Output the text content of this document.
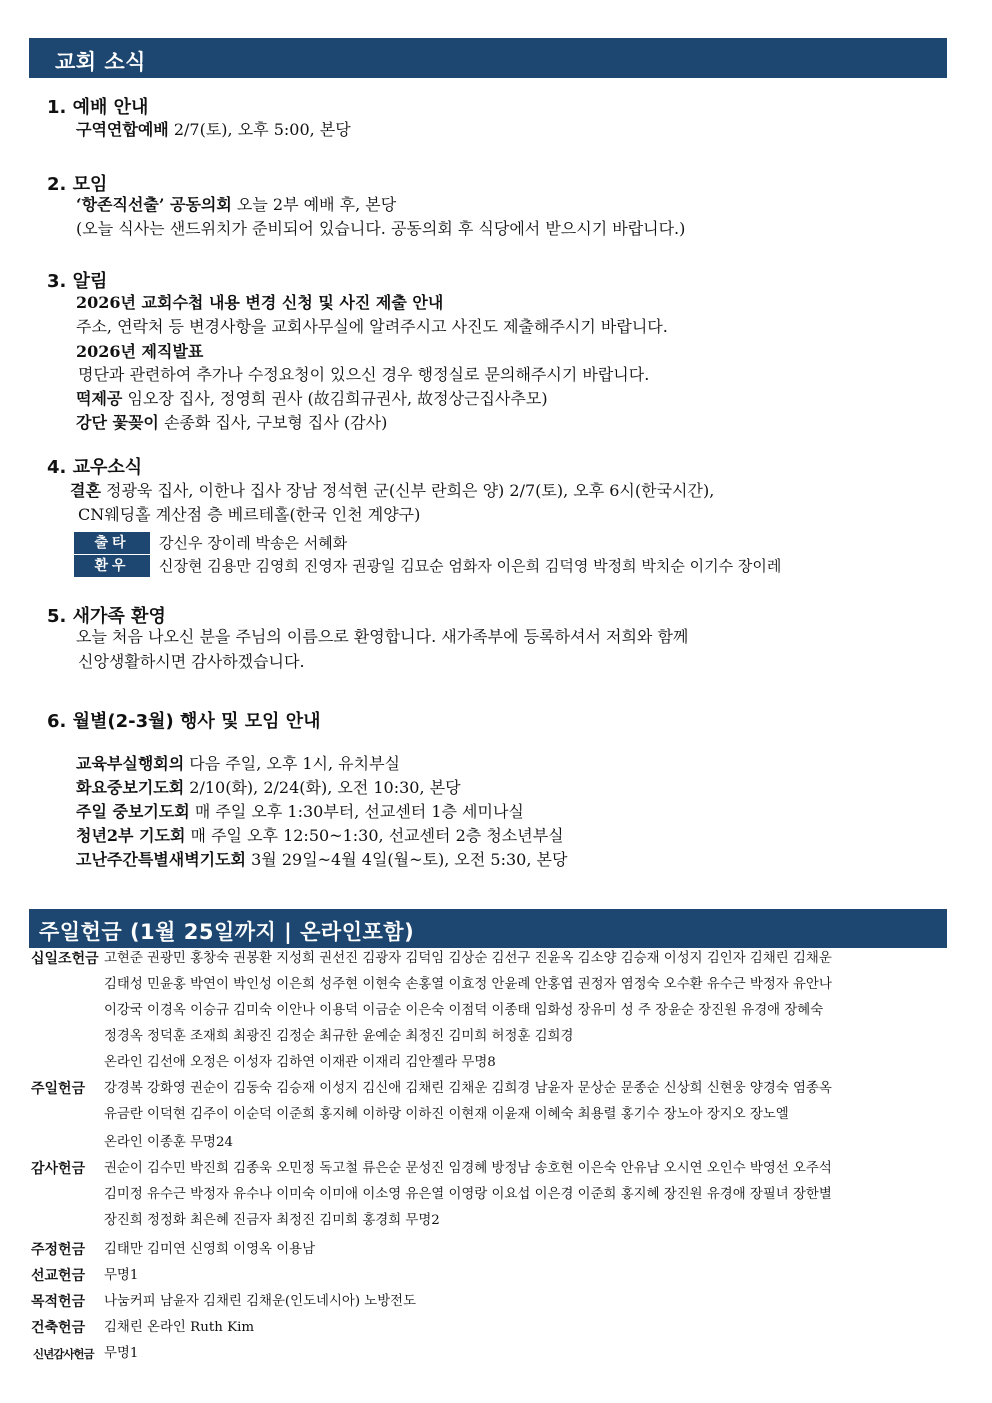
교회 소식
1. 예배 안내
구역연합예배 2/7(토), 오후 5:00, 본당
2. 모임
‘항존직선출’ 공동의회 오늘 2부 예배 후, 본당
(오늘 식사는 샌드위치가 준비되어 있습니다. 공동의회 후 식당에서 받으시기 바랍니다.)
3. 알림
2026년 교회수첩 내용 변경 신청 및 사진 제출 안내
주소, 연락처 등 변경사항을 교회사무실에 알려주시고 사진도 제출해주시기 바랍니다.
2026년 제직발표
명단과 관련하여 추가나 수정요청이 있으신 경우 행정실로 문의해주시기 바랍니다.
떡제공 임오장 집사, 정영희 권사 (故김희규권사, 故정상근집사추모)
강단 꽃꽂이 손종화 집사, 구보형 집사 (감사)
4. 교우소식
결혼 정광욱 집사, 이한나 집사 장남 정석현 군(신부 란희은 양) 2/7(토), 오후 6시(한국시간),
CN웨딩홀 계산점 층 베르테홀(한국 인천 계양구)
출타	강신우 장이레 박송은 서혜화
환우	신장현 김용만 김영희 진영자 권광일 김묘순 엄화자 이은희 김덕영 박정희 박치순 이기수 장이레
5. 새가족 환영
오늘 처음 나오신 분을 주님의 이름으로 환영합니다. 새가족부에 등록하셔서 저희와 함께
신앙생활하시면 감사하겠습니다.
6. 월별(2-3월) 행사 및 모임 안내
교육부실행회의 다음 주일, 오후 1시, 유치부실
화요중보기도회 2/10(화), 2/24(화), 오전 10:30, 본당
주일 중보기도회 매 주일 오후 1:30부터, 선교센터 1층 세미나실
청년2부 기도회 매 주일 오후 12:50~1:30, 선교센터 2층 청소년부실
고난주간특별새벽기도회 3월 29일~4월 4일(월~토), 오전 5:30, 본당
주일헌금 (1월 25일까지 | 온라인포함)
십일조헌금 고현준 권광민 홍창숙 권봉환 지성희 권선진 김광자 김덕임 김상순 김선구 진윤옥 김소양 김승재 이성지 김인자 김채린 김채운
김태성 민윤홍 박연이 박인성 이은희 성주현 이현숙 손홍열 이효정 안윤례 안홍엽 권정자 염정숙 오수환 유수근 박정자 유안나
이강국 이경옥 이승규 김미숙 이안나 이용덕 이금순 이은숙 이점덕 이종태 임화성 장유미 성 주 장윤순 장진원 유경애 장혜숙
정경옥 정덕훈 조재희 최광진 김정순 최규한 윤예순 최정진 김미희 허정훈 김희경
온라인 김선애 오정은 이성자 김하연 이재관 이재리 김안젤라 무명8
주일헌금 강경복 강화영 권순이 김동숙 김승재 이성지 김신애 김채린 김채운 김희경 남윤자 문상순 문종순 신상희 신현웅 양경숙 염종옥
유금란 이덕현 김주이 이순덕 이준희 홍지혜 이하랑 이하진 이현재 이윤재 이혜숙 최용렬 홍기수 장노아 장지오 장노엘
온라인 이종훈 무명24
감사헌금 권순이 김수민 박진희 김종욱 오민정 독고철 류은순 문성진 임경혜 방정남 송호현 이은숙 안유남 오시연 오인수 박영선 오주석
김미정 유수근 박정자 유수나 이미숙 이미애 이소영 유은열 이영랑 이요섭 이은경 이준희 홍지혜 장진원 유경애 장필녀 장한별
장진희 정정화 최은혜 진금자 최정진 김미희 홍경희 무명2
주정헌금 김태만 김미연 신영희 이영옥 이용남
선교헌금 무명1
목적헌금 나눔커피 남윤자 김채린 김채운(인도네시아) 노방전도
건축헌금 김채린 온라인 Ruth Kim
신년감사헌금 무명1
